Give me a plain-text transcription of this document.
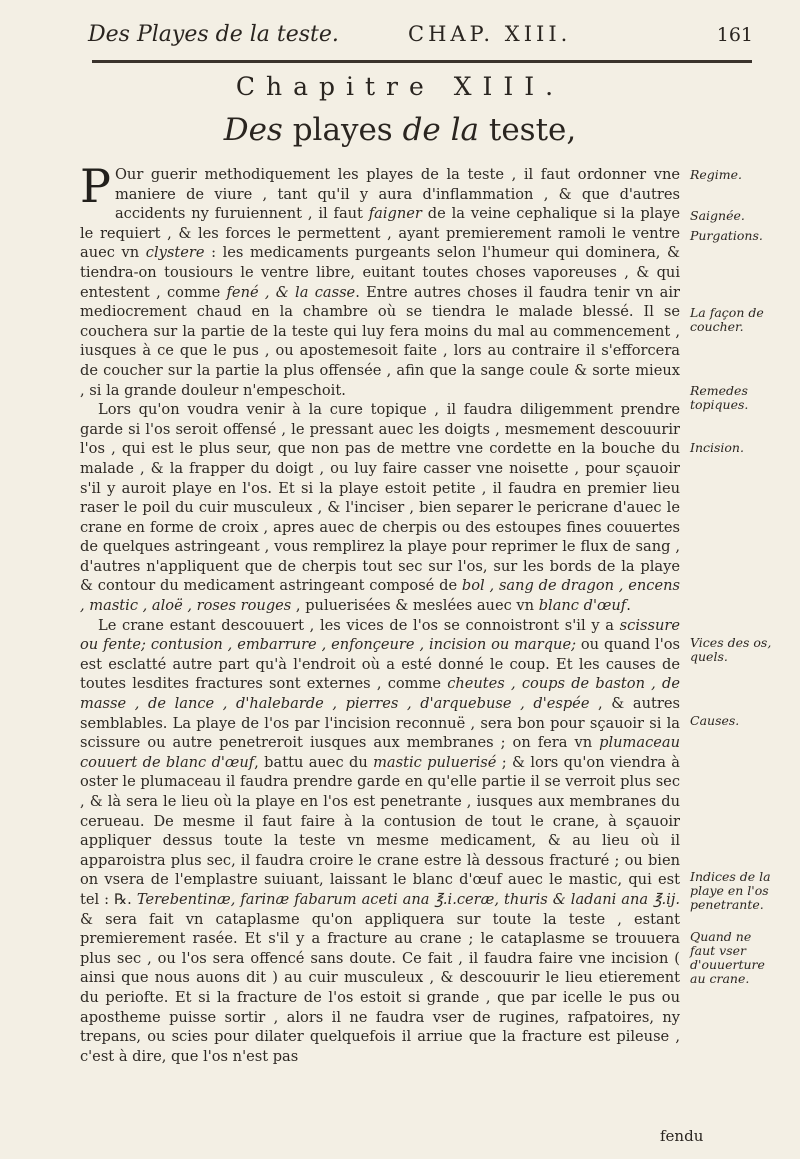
Des Playes de la teste.	CHAP. XIII.	161
Chapitre XIII.
Des playes de la teste,

P Our guerir methodiquement les playes de la teste , il faut ordonner vne maniere de viure , tant qu'il y aura d'inflammation , & que d'autres accidents ny furuiennent , il faut faigner de la veine cephalique si la playe le requiert , & les forces le permettent , ayant premierement ramoli le ventre auec vn clystere : les medicaments purgeants selon l'humeur qui dominera, & tiendra-on tousiours le ventre libre, euitant toutes choses vaporeuses , & qui entestent , comme fené , & la casse. Entre autres choses il faudra tenir vn air mediocrement chaud en la chambre où se tiendra le malade blessé. Il se couchera sur la partie de la teste qui luy fera moins du mal au commencement , iusques à ce que le pus , ou apostemesoit faite , lors au contraire il s'efforcera de coucher sur la partie la plus offensée , afin que la sange coule & sorte mieux , si la grande douleur n'empeschoit.

Lors qu'on voudra venir à la cure topique , il faudra diligemment prendre garde si l'os seroit offensé , le pressant auec les doigts , mesmement descouurir l'os , qui est le plus seur, que non pas de mettre vne cordette en la bouche du malade , & la frapper du doigt , ou luy faire casser vne noisette , pour sçauoir s'il y auroit playe en l'os. Et si la playe estoit petite , il faudra en premier lieu raser le poil du cuir musculeux , & l'inciser , bien separer le pericrane d'auec le crane en forme de croix , apres auec de cherpis ou des estoupes fines couuertes de quelques astringeant , vous remplirez la playe pour reprimer le flux de sang , d'autres n'appliquent que de cherpis tout sec sur l'os, sur les bords de la playe & contour du medicament astringeant composé de bol , sang de dragon , encens , mastic , aloë , roses rouges , puluerisées & meslées auec vn blanc d'œuf.

Le crane estant descouuert , les vices de l'os se connoistront s'il y a scissure ou fente; contusion , embarrure , enfonçeure , incision ou marque; ou quand l'os est esclatté autre part qu'à l'endroit où a esté donné le coup. Et les causes de toutes lesdites fractures sont externes , comme cheutes , coups de baston , de masse , de lance , d'halebarde , pierres , d'arquebuse , d'espée , & autres semblables. La playe de l'os par l'incision reconnuë , sera bon pour sçauoir si la scissure ou autre penetreroit iusques aux membranes ; on fera vn plumaceau couuert de blanc d'œuf, battu auec du mastic puluerisé ; & lors qu'on viendra à oster le plumaceau il faudra prendre garde en qu'elle partie il se verroit plus sec , & là sera le lieu où la playe en l'os est penetrante , iusques aux membranes du cerueau. De mesme il faut faire à la contusion de tout le crane, à sçauoir appliquer dessus toute la teste vn mesme medicament, & au lieu où il apparoistra plus sec, il faudra croire le crane estre là dessous fracturé ; ou bien on vsera de l'emplastre suiuant, laissant le blanc d'œuf auec le mastic, qui est tel : ℞. Terebentinæ, farinæ fabarum aceti ana ℥.i.ceræ, thuris & ladani ana ℥.ij. & sera fait vn cataplasme qu'on appliquera sur toute la teste , estant premierement rasée. Et s'il y a fracture au crane ; le cataplasme se trouuera plus sec , ou l'os sera offencé sans doute. Ce fait , il faudra faire vne incision ( ainsi que nous auons dit ) au cuir musculeux , & descouurir le lieu etierement du periofte. Et si la fracture de l'os estoit si grande , que par icelle le pus ou apostheme puisse sortir , alors il ne faudra vser de rugines, rafpatoires, ny trepans, ou scies pour dilater quelquefois il arriue que la fracture est pileuse , c'est à dire, que l'os n'est pas

Regime.
Saignée.
Purgations.
La façon de coucher.
Remedes topiques.
Incision.
Vices des os, quels.
Causes.
Indices de la playe en l'os penetrante.
Quand ne faut vser d'ouuerture au crane.
fendu
